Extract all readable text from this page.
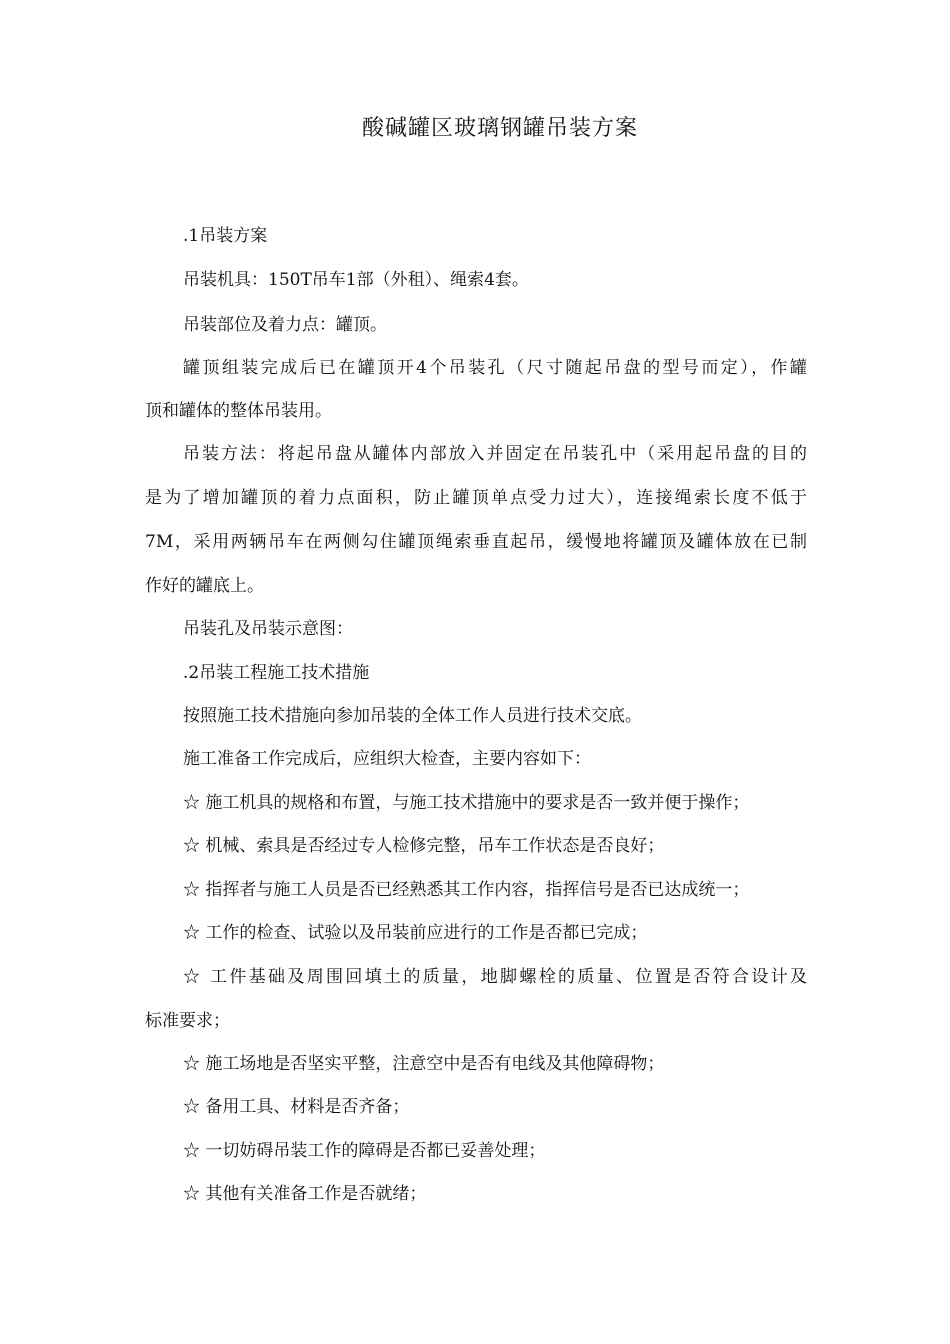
酸碱罐区玻璃钢罐吊装方案

.1吊装方案

吊装机具：150T吊车1部（外租）、绳索4套。

吊装部位及着力点：罐顶。

罐顶组装完成后已在罐顶开4个吊装孔（尺寸随起吊盘的型号而定），作罐

顶和罐体的整体吊装用。

吊装方法：将起吊盘从罐体内部放入并固定在吊装孔中（采用起吊盘的目的

是为了增加罐顶的着力点面积，防止罐顶单点受力过大），连接绳索长度不低于

7M，采用两辆吊车在两侧勾住罐顶绳索垂直起吊，缓慢地将罐顶及罐体放在已制

作好的罐底上。

吊装孔及吊装示意图：

.2吊装工程施工技术措施

按照施工技术措施向参加吊装的全体工作人员进行技术交底。

施工准备工作完成后，应组织大检查，主要内容如下：

☆ 施工机具的规格和布置，与施工技术措施中的要求是否一致并便于操作；

☆ 机械、索具是否经过专人检修完整，吊车工作状态是否良好；

☆ 指挥者与施工人员是否已经熟悉其工作内容，指挥信号是否已达成统一；

☆ 工作的检查、试验以及吊装前应进行的工作是否都已完成；

☆ 工件基础及周围回填土的质量，地脚螺栓的质量、位置是否符合设计及

标准要求；

☆ 施工场地是否坚实平整，注意空中是否有电线及其他障碍物；

☆ 备用工具、材料是否齐备；

☆ 一切妨碍吊装工作的障碍是否都已妥善处理；

☆ 其他有关准备工作是否就绪；
